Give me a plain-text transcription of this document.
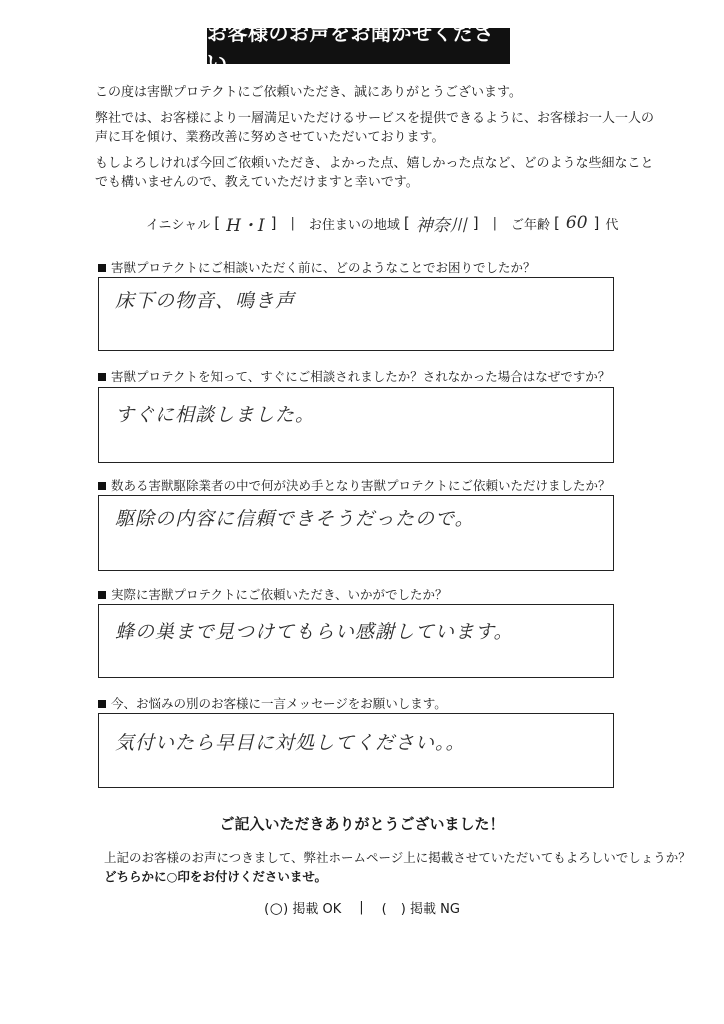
お客様のお声をお聞かせください

この度は害獣プロテクトにご依頼いただき、誠にありがとうございます。

弊社では、お客様により一層満足いただけるサービスを提供できるように、お客様お一人一人の声に耳を傾け、業務改善に努めさせていただいております。

もしよろしければ今回ご依頼いただき、よかった点、嬉しかった点など、どのような些細なことでも構いませんので、教えていただけますと幸いです。

イニシャル [ H・I ] | お住まいの地域 [ 神奈川 ] | ご年齢 [ 60 ] 代
害獣プロテクトにご相談いただく前に、どのようなことでお困りでしたか？
床下の物音、鳴き声
害獣プロテクトを知って、すぐにご相談されましたか？されなかった場合はなぜですか？
すぐに相談しました。
数ある害獣駆除業者の中で何が決め手となり害獣プロテクトにご依頼いただけましたか？
駆除の内容に信頼できそうだったので。
実際に害獣プロテクトにご依頼いただき、いかがでしたか？
蜂の巣まで見つけてもらい感謝しています。
今、お悩みの別のお客様に一言メッセージをお願いします。
気付いたら早目に対処してください。。
ご記入いただきありがとうございました！
上記のお客様のお声につきまして、弊社ホームページ上に掲載させていただいてもよろしいでしょうか？
どちらかに○印をお付けくださいませ。
(○) 掲載 OK | ( ) 掲載 NG
